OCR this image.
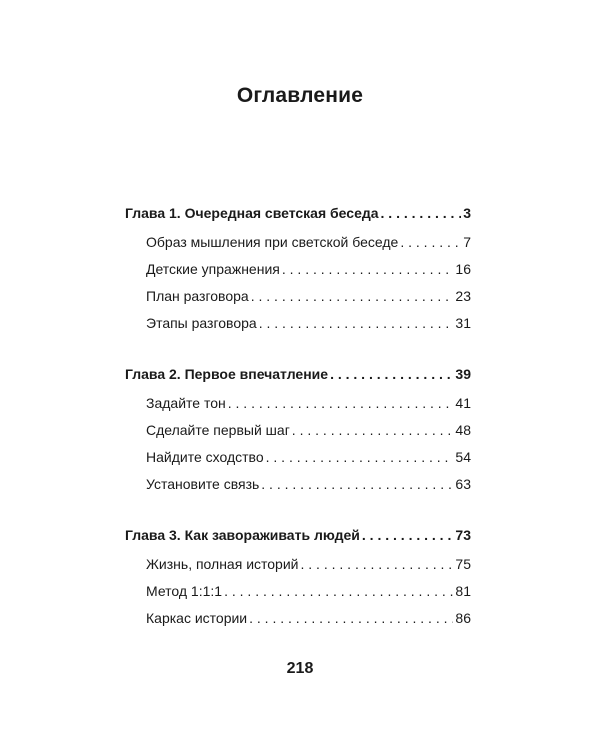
Оглавление
Глава 1. Очередная светская беседа . . .	3
Образ мышления при светской беседе . . .	7
Детские упражнения . . .	16
План разговора . . .	23
Этапы разговора . . .	31
Глава 2. Первое впечатление . . .	39
Задайте тон . . .	41
Сделайте первый шаг . . .	48
Найдите сходство . . .	54
Установите связь . . .	63
Глава 3. Как завораживать людей . . .	73
Жизнь, полная историй . . .	75
Метод 1:1:1 . . .	81
Каркас истории . . .	86
218
